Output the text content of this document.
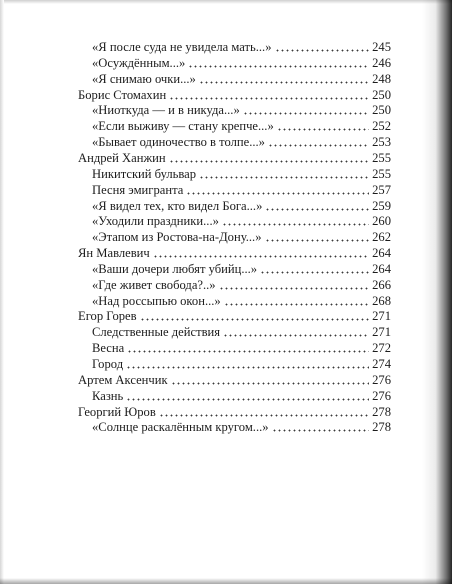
«Я после суда не увидела мать...»	245
«Осуждённым...»	246
«Я снимаю очки...»	248
Борис Стомахин	250
«Ниоткуда — и в никуда...»	250
«Если выживу — стану крепче...»	252
«Бывает одиночество в толпе...»	253
Андрей Ханжин	255
Никитский бульвар	255
Песня эмигранта	257
«Я видел тех, кто видел Бога...»	259
«Уходили праздники...»	260
«Этапом из Ростова-на-Дону...»	262
Ян Мавлевич	264
«Ваши дочери любят убийц...»	264
«Где живет свобода?..»	266
«Над россыпью окон...»	268
Егор Горев	271
Следственные действия	271
Весна	272
Город	274
Артем Аксенчик	276
Казнь	276
Георгий Юров	278
«Солнце раскалённым кругом...»	278
